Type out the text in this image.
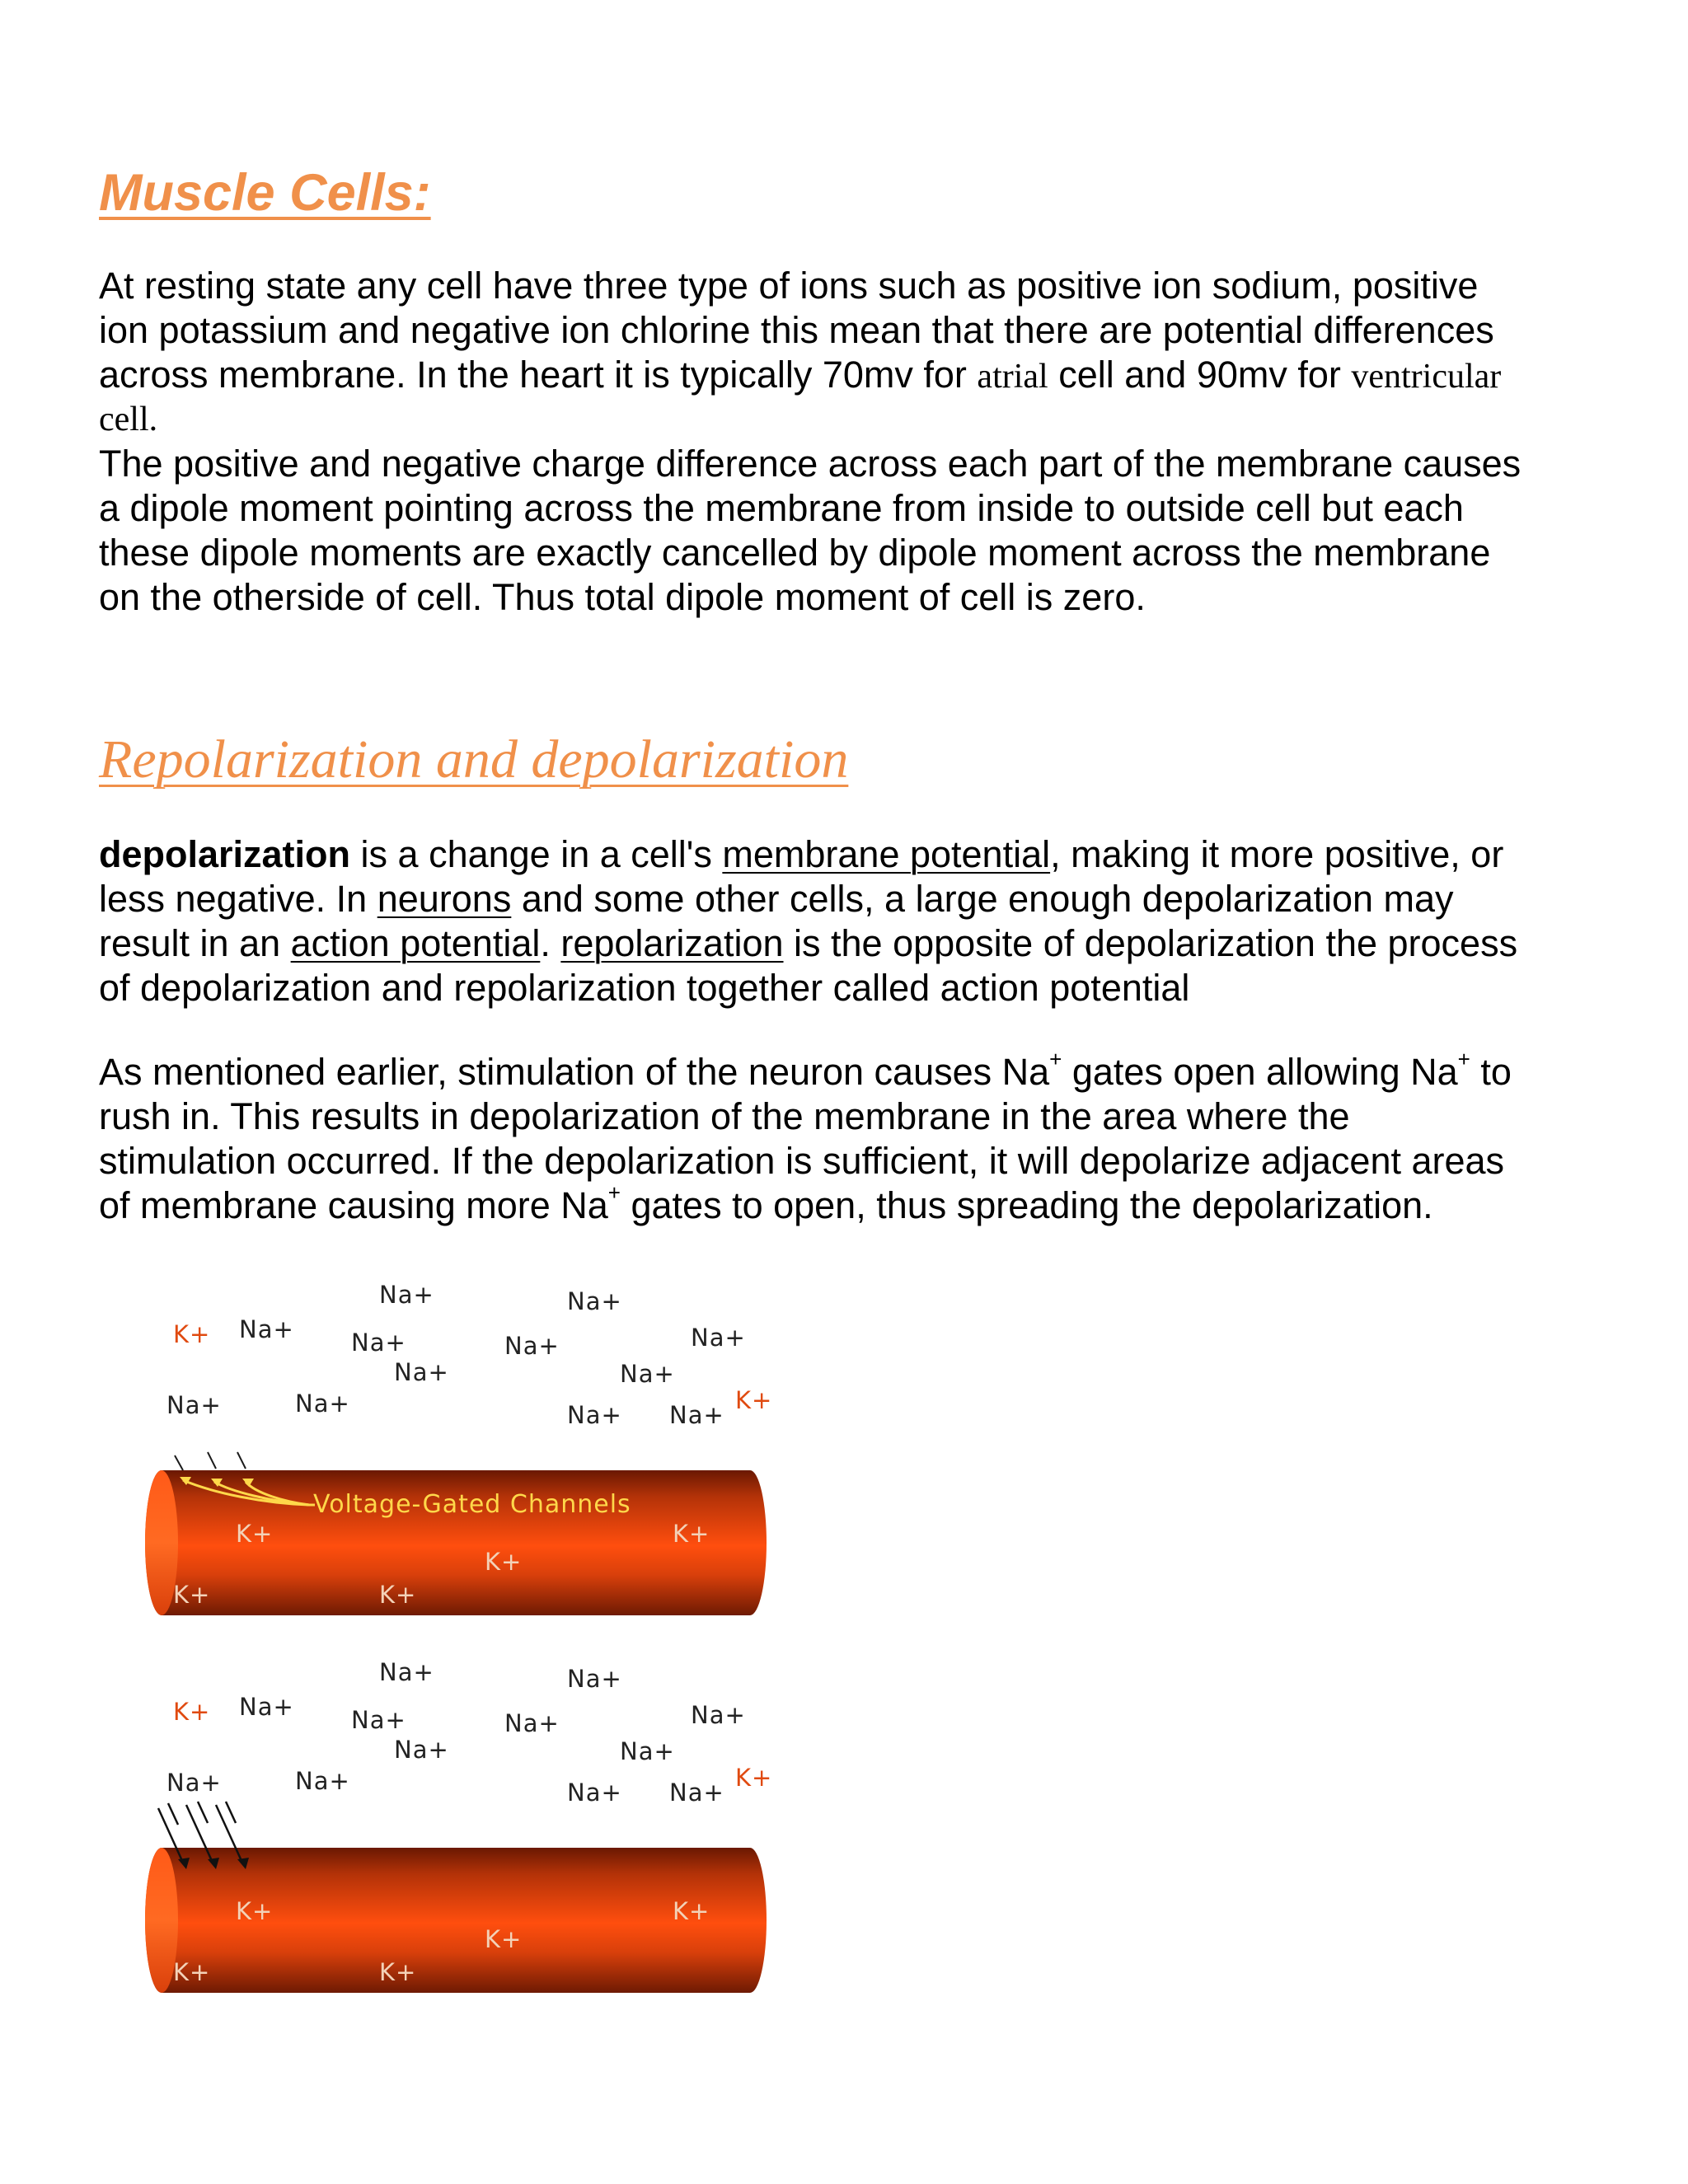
Muscle Cells:

At resting state any cell have three type of ions such as positive ion sodium, positive

ion potassium and negative ion chlorine this mean that there are potential differences

across membrane. In the heart it is typically 70mv for atrial cell and 90mv for ventricular

cell.

The positive and negative charge difference across each part of the membrane causes

a dipole moment pointing across the membrane from inside to outside cell but each

these dipole moments are exactly cancelled by dipole moment across the membrane

on the otherside of cell. Thus total dipole moment of cell is zero.

Repolarization and depolarization

depolarization is a change in a cell's membrane potential, making it more positive, or

less negative. In neurons and some other cells, a large enough depolarization may

result in an action potential. repolarization is the opposite of depolarization the process

of depolarization and repolarization together called action potential

As mentioned earlier, stimulation of the neuron causes Na+ gates open allowing Na+ to

rush in. This results in depolarization of the membrane in the area where the

stimulation occurred. If the depolarization is sufficient, it will depolarize adjacent areas

of membrane causing more Na+ gates to open, thus spreading the depolarization.

Na+	Na+
K+ Na+ Na+	Na+	Na+
Na+	Na+
Na+	Na+	Na+ Na+
K+
Voltage-Gated Channels
K+	K+
K+
K+	K+
Na+	Na+
K+ Na+ Na+	Na+	Na+
Na+	Na+
Na+	Na+	Na+ Na+
K+
K+	K+
K+
K+	K+
